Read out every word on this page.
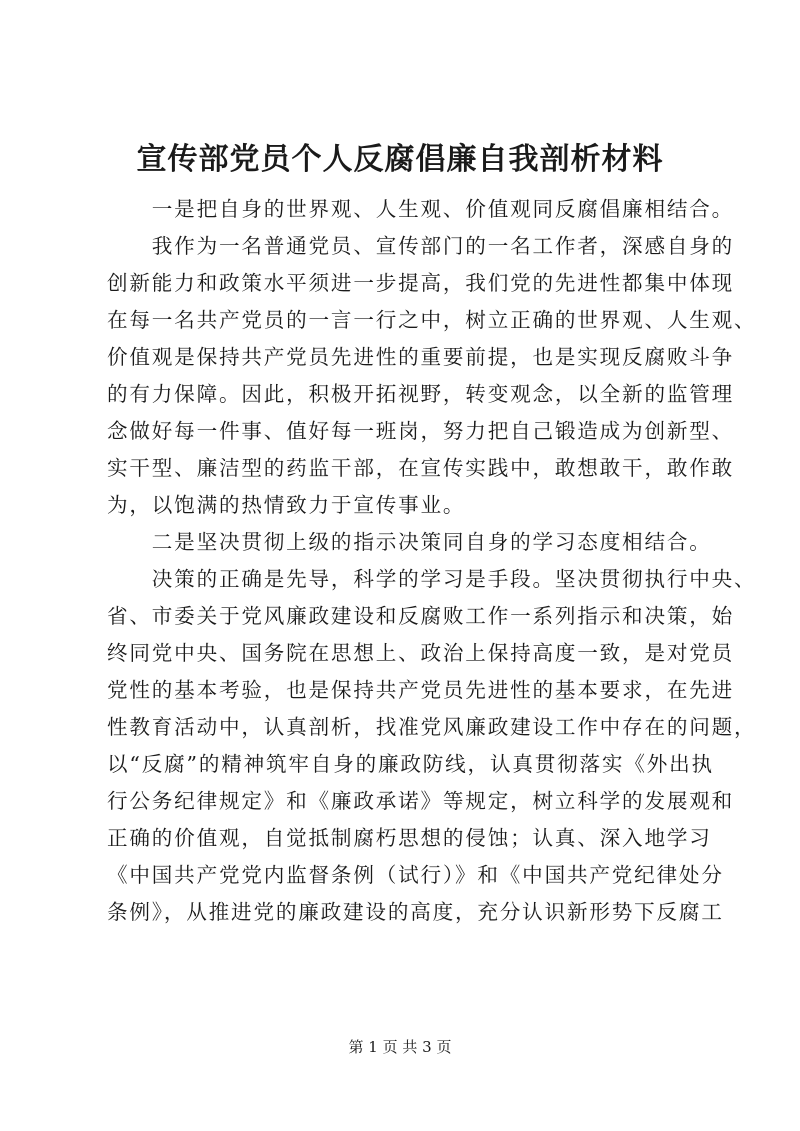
宣传部党员个人反腐倡廉自我剖析材料
　　一是把自身的世界观、人生观、价值观同反腐倡廉相结合。
　　我作为一名普通党员、宣传部门的一名工作者，深感自身的
创新能力和政策水平须进一步提高，我们党的先进性都集中体现
在每一名共产党员的一言一行之中，树立正确的世界观、人生观、
价值观是保持共产党员先进性的重要前提，也是实现反腐败斗争
的有力保障。因此，积极开拓视野，转变观念，以全新的监管理
念做好每一件事、值好每一班岗，努力把自己锻造成为创新型、
实干型、廉洁型的药监干部，在宣传实践中，敢想敢干，敢作敢
为，以饱满的热情致力于宣传事业。
　　二是坚决贯彻上级的指示决策同自身的学习态度相结合。
　　决策的正确是先导，科学的学习是手段。坚决贯彻执行中央、
省、市委关于党风廉政建设和反腐败工作一系列指示和决策，始
终同党中央、国务院在思想上、政治上保持高度一致，是对党员
党性的基本考验，也是保持共产党员先进性的基本要求，在先进
性教育活动中，认真剖析，找准党风廉政建设工作中存在的问题，
以“反腐”的精神筑牢自身的廉政防线，认真贯彻落实《外出执
行公务纪律规定》和《廉政承诺》等规定，树立科学的发展观和
正确的价值观，自觉抵制腐朽思想的侵蚀；认真、深入地学习
《中国共产党党内监督条例（试行）》和《中国共产党纪律处分
条例》，从推进党的廉政建设的高度，充分认识新形势下反腐工
第 1 页 共 3 页
